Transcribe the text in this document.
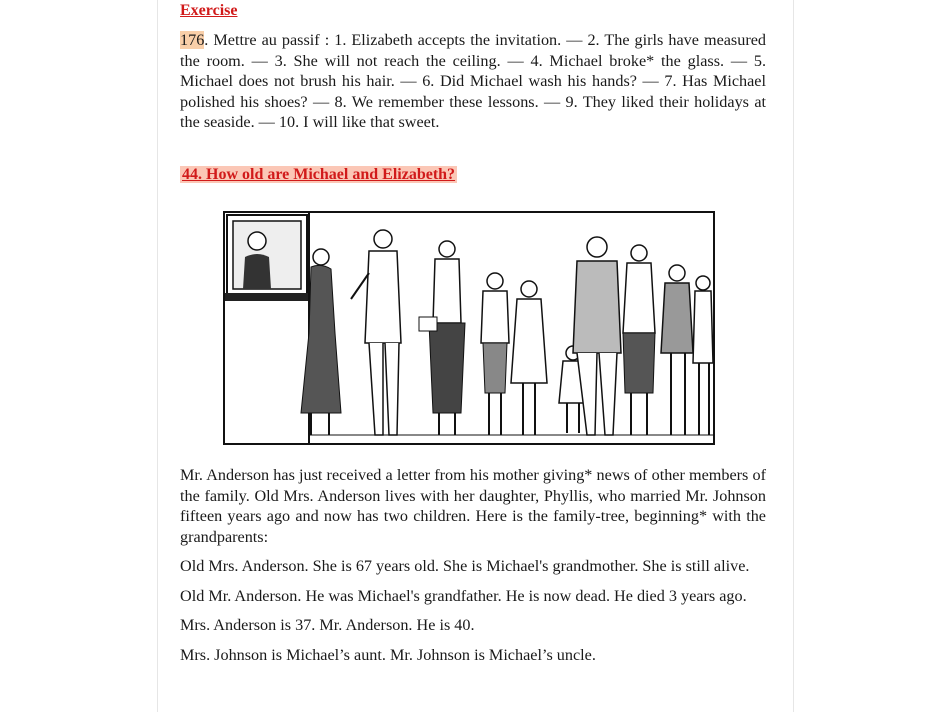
Exercise

176. Mettre au passif : 1. Elizabeth accepts the invitation. — 2. The girls have measured the room. — 3. She will not reach the ceiling. — 4. Michael broke* the glass. — 5. Michael does not brush his hair. — 6. Did Michael wash his hands? — 7. Has Michael polished his shoes? — 8. We remember these lessons. — 9. They liked their holidays at the seaside. — 10. I will like that sweet.

44. How old are Michael and Elizabeth?

Mr. Anderson has just received a letter from his mother giving* news of other members of the family. Old Mrs. Anderson lives with her daughter, Phyllis, who married Mr. Johnson fifteen years ago and now has two children. Here is the family-tree, beginning* with the grandparents:

Old Mrs. Anderson. She is 67 years old. She is Michael's grandmother. She is still alive.

Old Mr. Anderson. He was Michael's grandfather. He is now dead. He died 3 years ago.

Mrs. Anderson is 37. Mr. Anderson. He is 40.

Mrs. Johnson is Michael’s aunt. Mr. Johnson is Michael’s uncle.
